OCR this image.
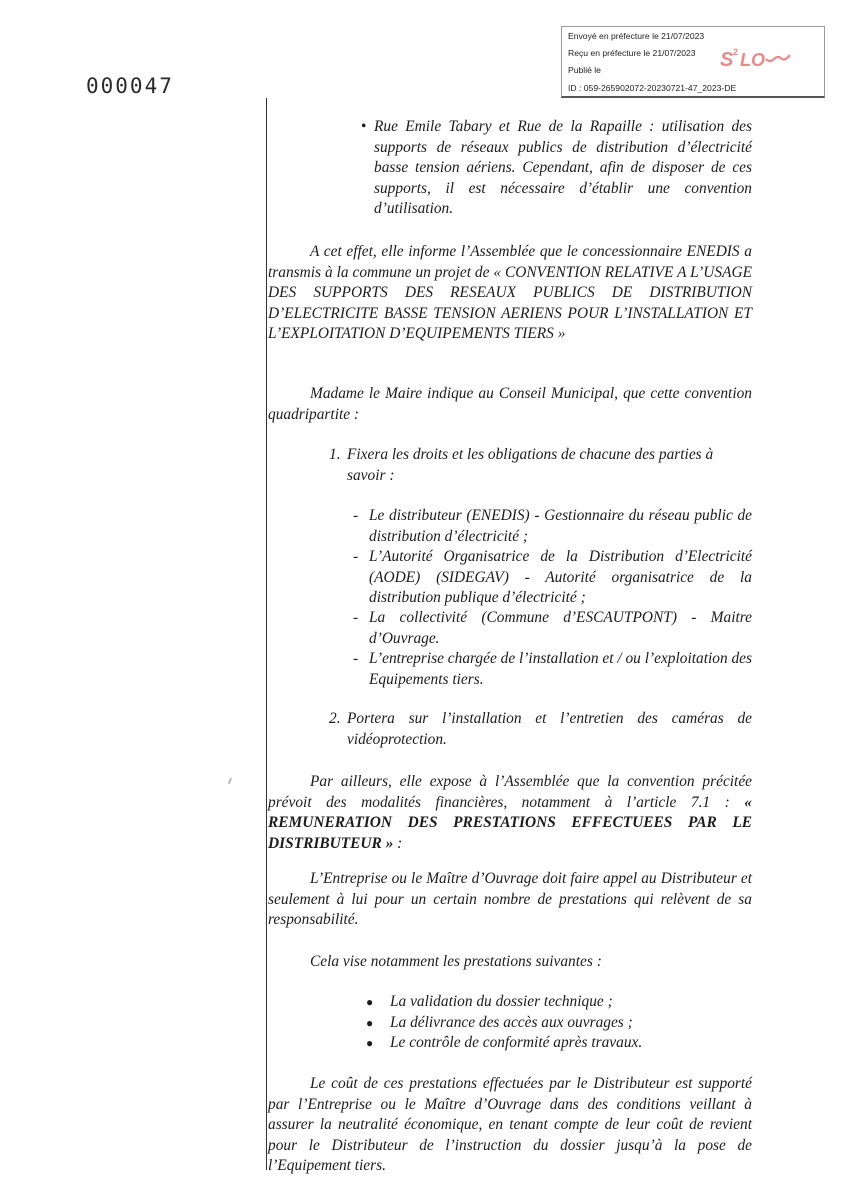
Envoyé en préfecture le 21/07/2023
Reçu en préfecture le 21/07/2023
Publié le
ID : 059-265902072-20230721-47_2023-DE
S 2 LO
000047
• Rue Emile Tabary et Rue de la Rapaille : utilisation des supports de réseaux publics de distribution d’électricité basse tension aériens. Cependant, afin de disposer de ces supports, il est nécessaire d’établir une convention d’utilisation.
A cet effet, elle informe l’Assemblée que le concessionnaire ENEDIS a transmis à la commune un projet de « CONVENTION RELATIVE A L’USAGE DES SUPPORTS DES RESEAUX PUBLICS DE DISTRIBUTION D’ELECTRICITE BASSE TENSION AERIENS POUR L’INSTALLATION ET L’EXPLOITATION D’EQUIPEMENTS TIERS »
Madame le Maire indique au Conseil Municipal, que cette convention quadripartite :
1. Fixera les droits et les obligations de chacune des parties à savoir :
- Le distributeur (ENEDIS) - Gestionnaire du réseau public de distribution d’électricité ;
- L’Autorité Organisatrice de la Distribution d’Electricité (AODE) (SIDEGAV) - Autorité organisatrice de la distribution publique d’électricité ;
- La collectivité (Commune d’ESCAUTPONT) - Maitre d’Ouvrage.
- L’entreprise chargée de l’installation et / ou l’exploitation des Equipements tiers.
2. Portera sur l’installation et l’entretien des caméras de vidéoprotection.
Par ailleurs, elle expose à l’Assemblée que la convention précitée prévoit des modalités financières, notamment à l’article 7.1 : « REMUNERATION DES PRESTATIONS EFFECTUEES PAR LE DISTRIBUTEUR » :
L’Entreprise ou le Maître d’Ouvrage doit faire appel au Distributeur et seulement à lui pour un certain nombre de prestations qui relèvent de sa responsabilité.
Cela vise notamment les prestations suivantes :
● La validation du dossier technique ;
● La délivrance des accès aux ouvrages ;
● Le contrôle de conformité après travaux.
Le coût de ces prestations effectuées par le Distributeur est supporté par l’Entreprise ou le Maître d’Ouvrage dans des conditions veillant à assurer la neutralité économique, en tenant compte de leur coût de revient pour le Distributeur de l’instruction du dossier jusqu’à la pose de l’Equipement tiers.
